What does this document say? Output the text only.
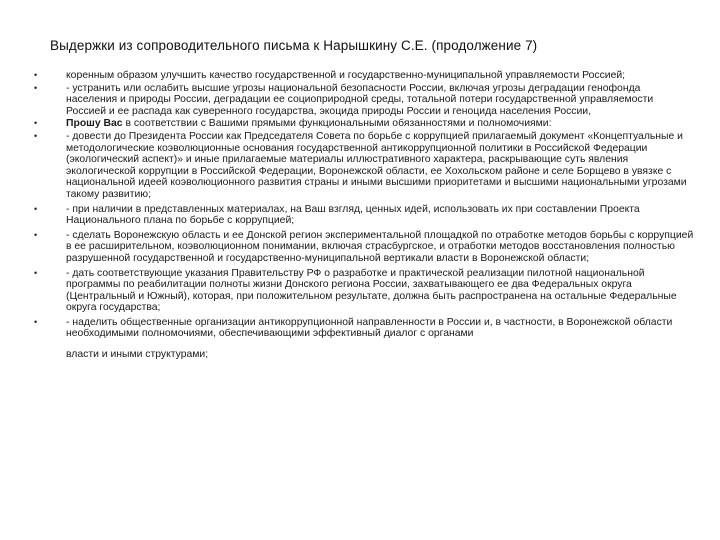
Выдержки из сопроводительного письма к Нарышкину С.Е. (продолжение 7)
•	коренным образом улучшить качество государственной и государственно-муниципальной управляемости Россией;
•	- устранить или ослабить высшие угрозы национальной безопасности России, включая угрозы деградации генофонда населения и природы России, деградации ее социоприродной среды, тотальной потери государственной управляемости Россией и ее распада как суверенного государства, экоцида природы России и геноцида населения России,
•	Прошу Вас в соответствии с Вашими прямыми функциональными обязанностями и полномочиями:
•	- довести до Президента России как Председателя Совета по борьбе с коррупцией прилагаемый документ «Концептуальные и методологические коэволюционные основания государственной антикоррупционной политики в Российской Федерации (экологический аспект)» и иные прилагаемые материалы иллюстративного характера, раскрывающие суть явления экологической коррупции в Российской Федерации, Воронежской области, ее Хохольском районе и селе Борщево в увязке с национальной идеей коэволюционного развития страны и иными высшими приоритетами и высшими национальными угрозами такому развитию;
•	- при наличии в представленных материалах, на Ваш взгляд, ценных идей, использовать их при составлении Проекта Национального плана по борьбе с коррупцией;
•	- сделать Воронежскую область и ее Донской регион экспериментальной площадкой по отработке методов борьбы с коррупцией в ее расширительном, коэволюционном понимании, включая страсбургское, и отработки методов восстановления полностью разрушенной государственной и государственно-муниципальной вертикали власти в Воронежской области;
•	- дать соответствующие указания Правительству РФ о разработке и практической реализации пилотной национальной программы по реабилитации полноты жизни Донского региона России, захватывающего ее два Федеральных округа (Центральный и Южный), которая, при положительном результате, должна быть распространена на остальные Федеральные округа государства;
•	- наделить общественные организации антикоррупционной направленности в России и, в частности, в Воронежской области необходимыми полномочиями, обеспечивающими эффективный диалог с органами
власти и иными структурами;
